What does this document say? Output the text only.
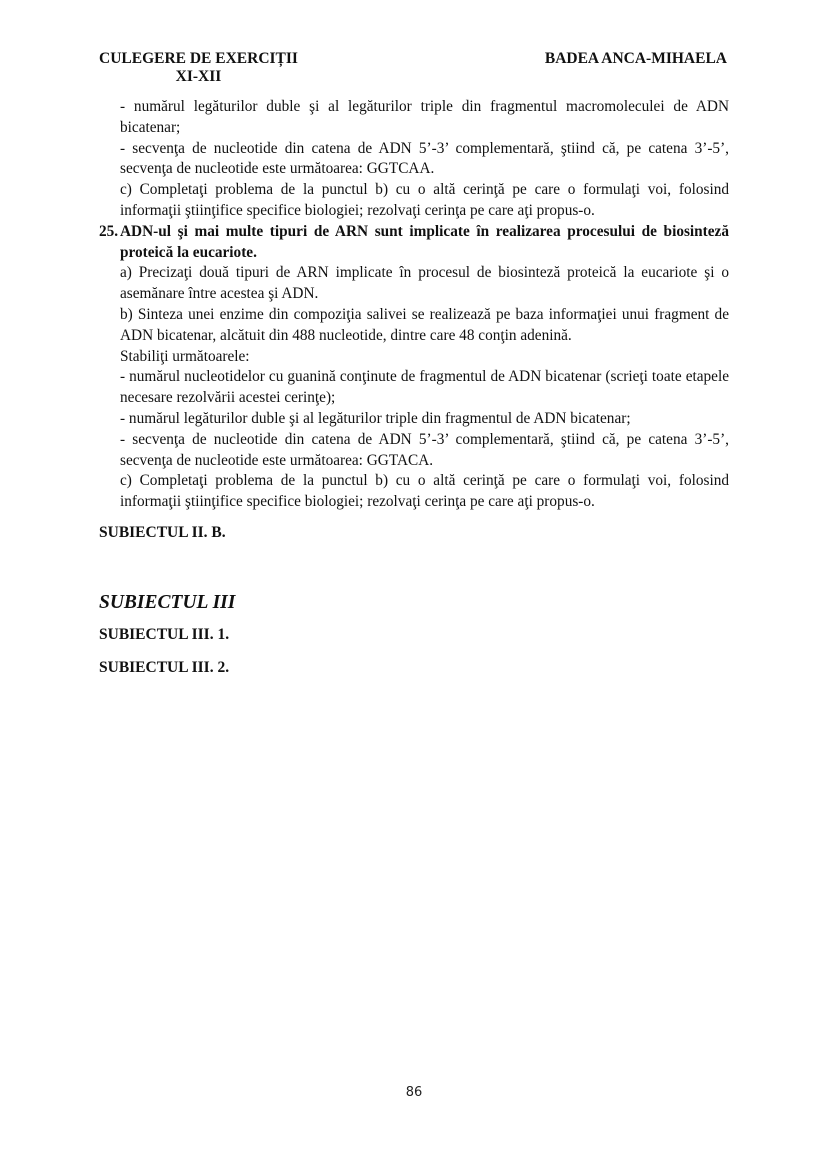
CULEGERE DE EXERCIȚII
XI-XII
BADEA ANCA-MIHAELA
- numărul legăturilor duble şi al legăturilor triple din fragmentul macromoleculei de ADN bicatenar;
- secvenţa de nucleotide din catena de ADN 5’-3’ complementară, ştiind că, pe catena 3’-5’, secvenţa de nucleotide este următoarea: GGTCAA.
c) Completaţi problema de la punctul b) cu o altă cerinţă pe care o formulaţi voi, folosind informaţii ştiinţifice specifice biologiei; rezolvaţi cerinţa pe care aţi propus-o.
25. ADN-ul şi mai multe tipuri de ARN sunt implicate în realizarea procesului de biosinteză proteică la eucariote.
a) Precizaţi două tipuri de ARN implicate în procesul de biosinteză proteică la eucariote şi o asemănare între acestea şi ADN.
b) Sinteza unei enzime din compoziţia salivei se realizează pe baza informaţiei unui fragment de ADN bicatenar, alcătuit din 488 nucleotide, dintre care 48 conţin adenină.
Stabiliţi următoarele:
- numărul nucleotidelor cu guanină conţinute de fragmentul de ADN bicatenar (scrieţi toate etapele necesare rezolvării acestei cerinţe);
- numărul legăturilor duble şi al legăturilor triple din fragmentul de ADN bicatenar;
- secvenţa de nucleotide din catena de ADN 5’-3’ complementară, ştiind că, pe catena 3’-5’, secvenţa de nucleotide este următoarea: GGTACA.
c) Completaţi problema de la punctul b) cu o altă cerinţă pe care o formulaţi voi, folosind informaţii ştiinţifice specifice biologiei; rezolvaţi cerinţa pe care aţi propus-o.
SUBIECTUL II. B.
SUBIECTUL III
SUBIECTUL III. 1.
SUBIECTUL III. 2.
86
